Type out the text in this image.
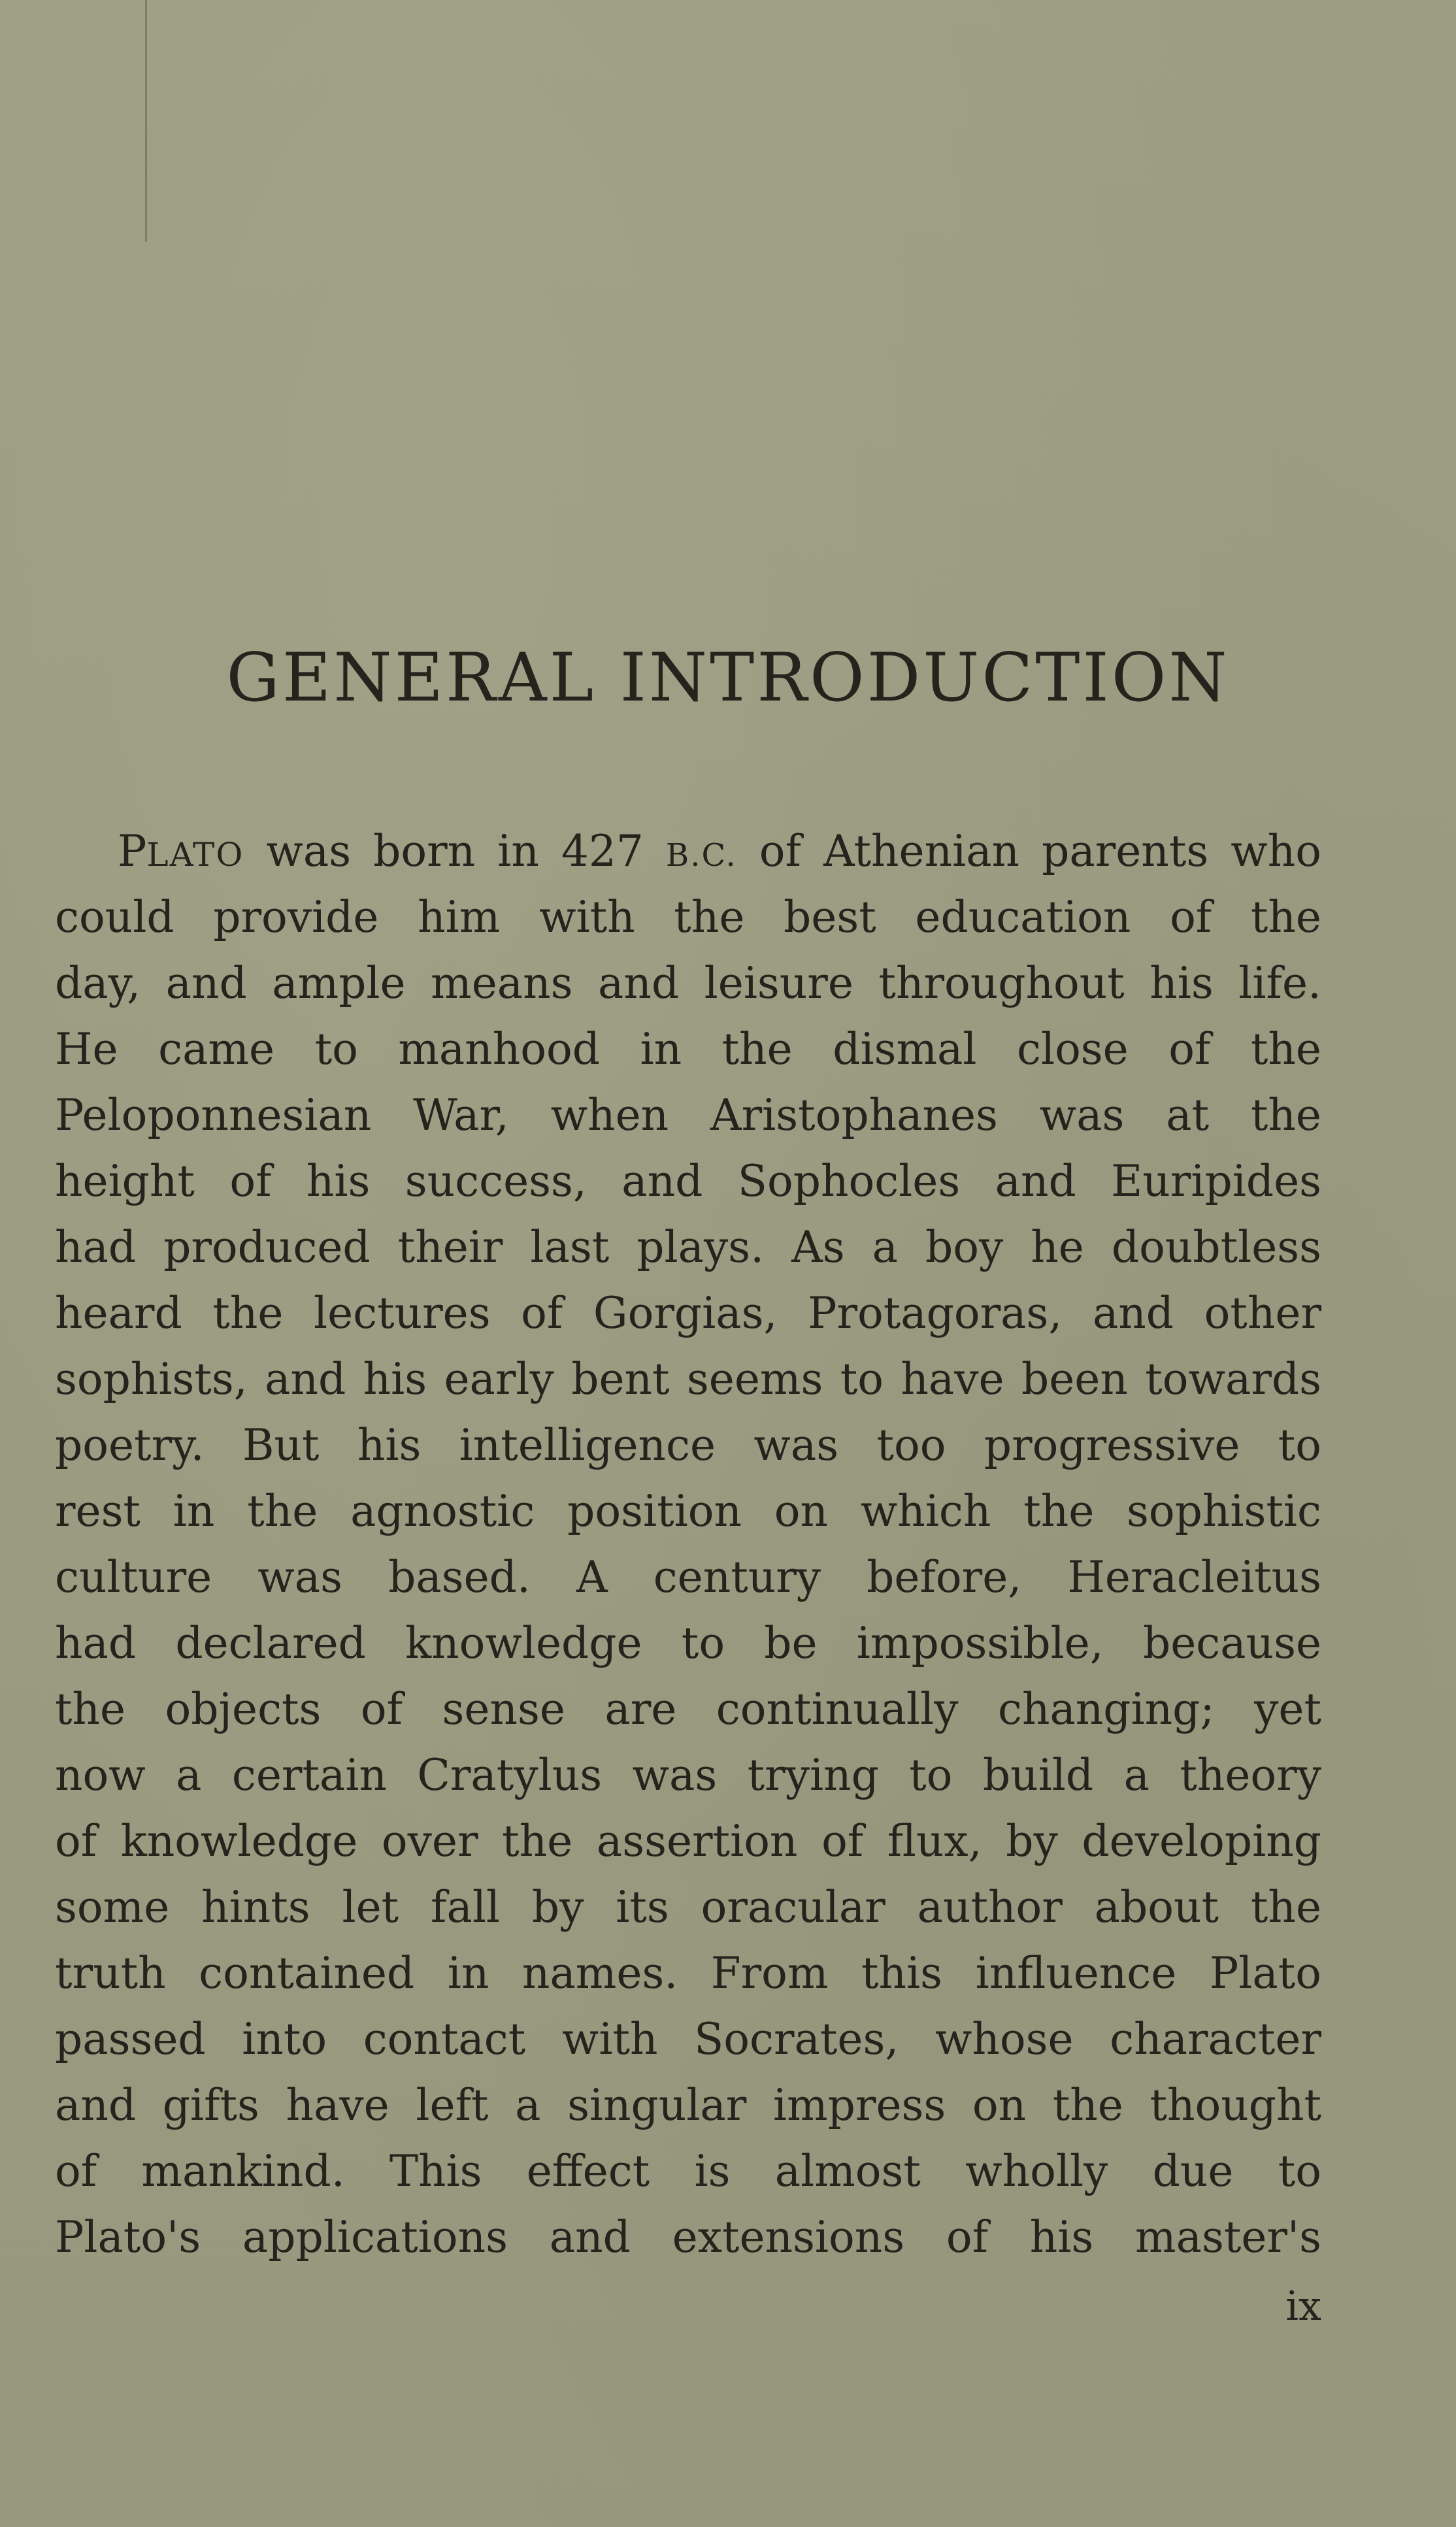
GENERAL INTRODUCTION
PLATO was born in 427 B.C. of Athenian parents who
could provide him with the best education of the
day, and ample means and leisure throughout his life.
He came to manhood in the dismal close of the
Peloponnesian War, when Aristophanes was at the
height of his success, and Sophocles and Euripides
had produced their last plays. As a boy he doubtless
heard the lectures of Gorgias, Protagoras, and other
sophists, and his early bent seems to have been towards
poetry. But his intelligence was too progressive to
rest in the agnostic position on which the sophistic
culture was based. A century before, Heracleitus
had declared knowledge to be impossible, because
the objects of sense are continually changing; yet
now a certain Cratylus was trying to build a theory
of knowledge over the assertion of flux, by developing
some hints let fall by its oracular author about the
truth contained in names. From this influence Plato
passed into contact with Socrates, whose character
and gifts have left a singular impress on the thought
of mankind. This effect is almost wholly due to
Plato's applications and extensions of his master's
ix
